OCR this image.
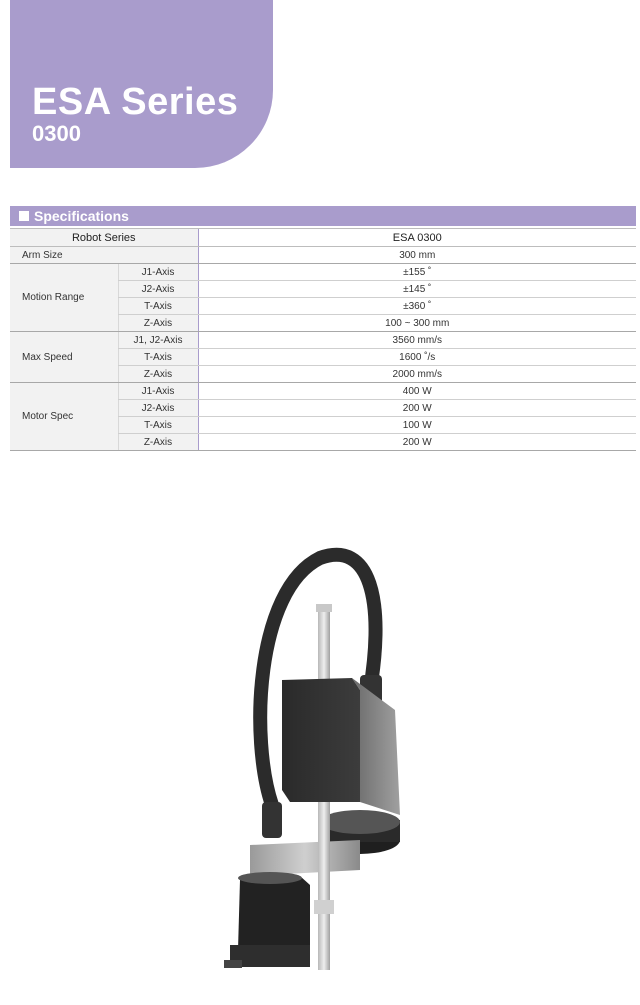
ESA Series
0300
Specifications
Robot Series		ESA 0300
Arm Size		300 mm
Motion Range	J1-Axis	±155 ˚
	J2-Axis	±145 ˚
	T-Axis	±360 ˚
	Z-Axis	100 ~ 300 mm
Max Speed	J1, J2-Axis	3560 mm/s
	T-Axis	1600 ˚/s
	Z-Axis	2000 mm/s
Motor Spec	J1-Axis	400 W
	J2-Axis	200 W
	T-Axis	100 W
	Z-Axis	200 W
